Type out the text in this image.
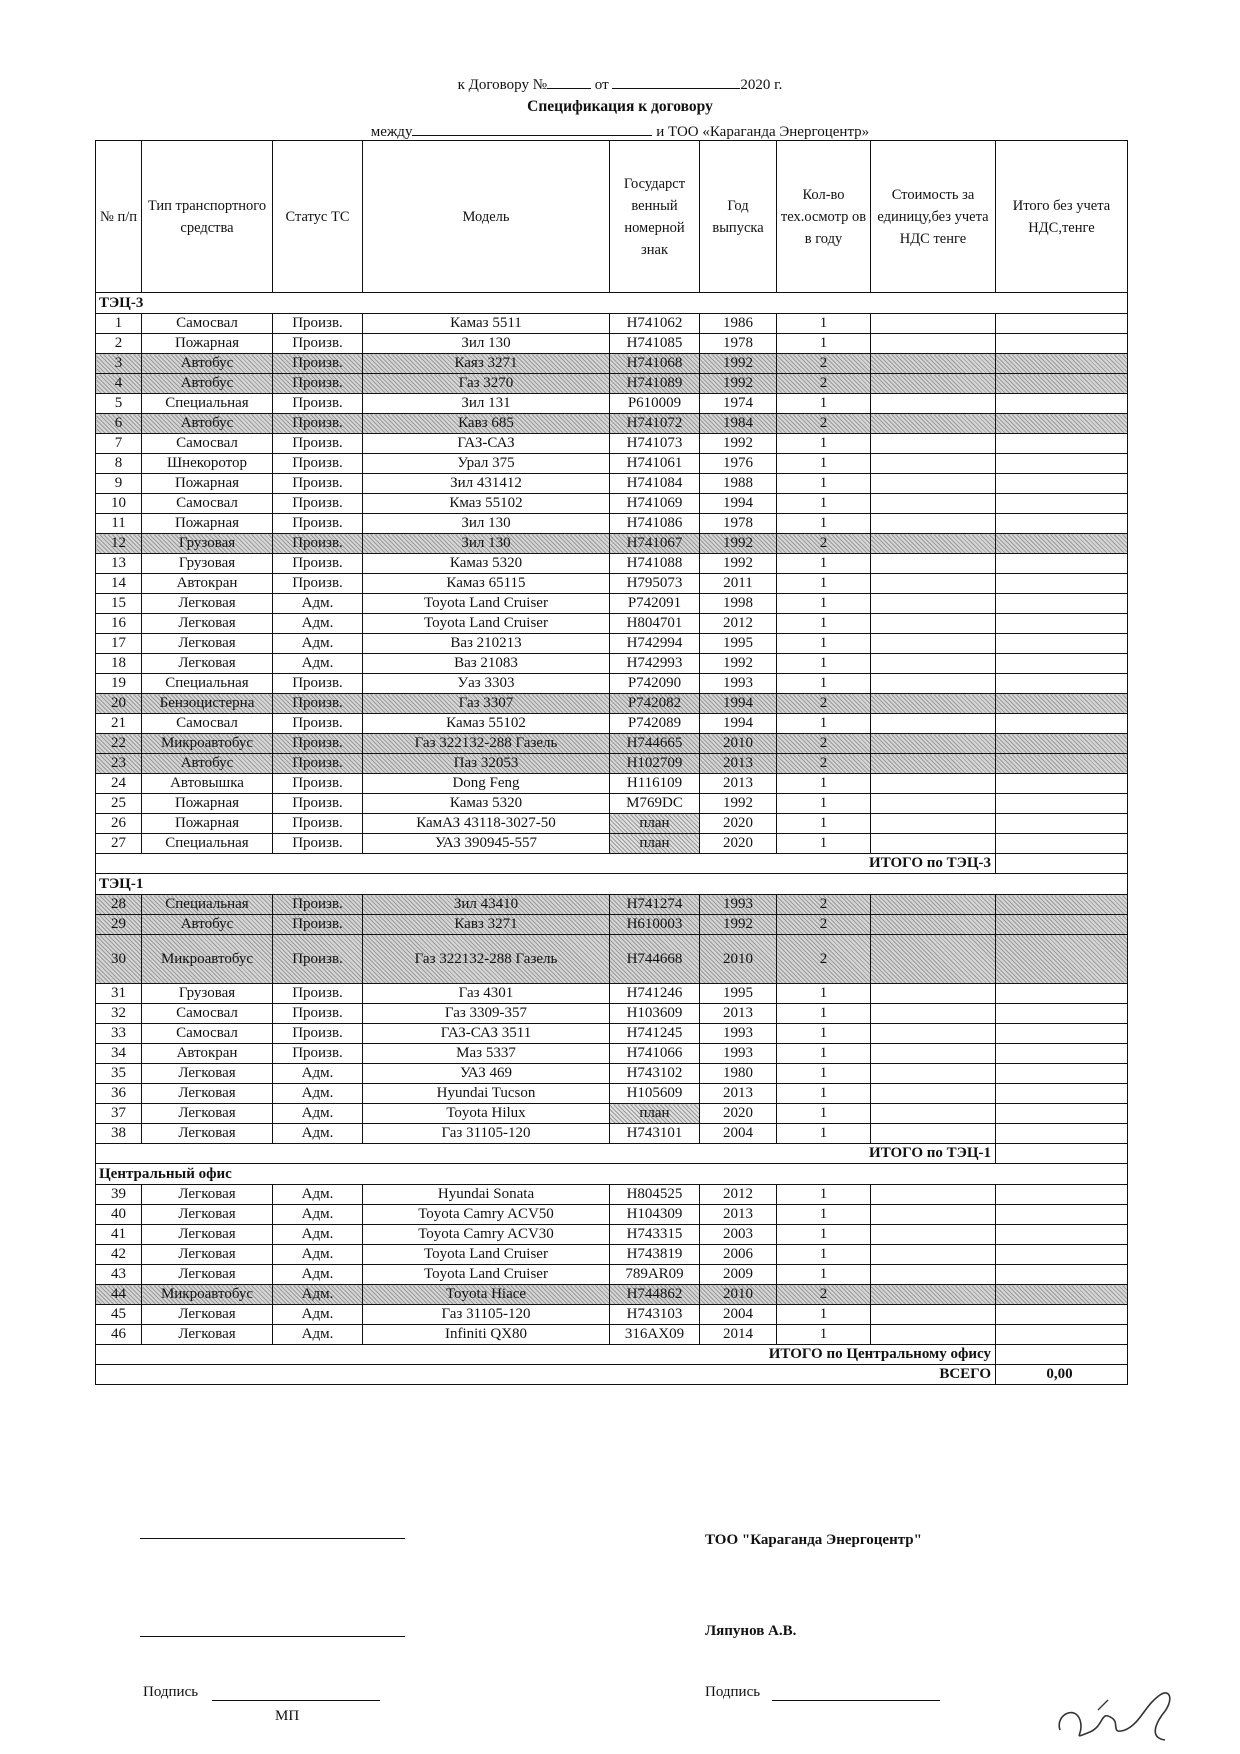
к Договору №	от	2020 г.
Спецификация к договору
между	и ТОО «Караганда Энергоцентр»
№ п/п	Тип транспортного средства	Статус ТС	Модель	Государст венный номерной знак	Год выпуска	Кол-во тех.осмотр ов в году	Стоимость за единицу,без учета НДС тенге	Итого без учета НДС,тенге
ТЭЦ-3								
1	Самосвал	Произв.	Камаз 5511	Н741062	1986	1		
2	Пожарная	Произв.	Зил 130	Н741085	1978	1		
3	Автобус	Произв.	Каяз 3271	Н741068	1992	2		
4	Автобус	Произв.	Газ 3270	Н741089	1992	2		
5	Специальная	Произв.	Зил 131	Р610009	1974	1		
6	Автобус	Произв.	Кавз 685	Н741072	1984	2		
7	Самосвал	Произв.	ГАЗ-САЗ	Н741073	1992	1		
8	Шнекоротор	Произв.	Урал 375	Н741061	1976	1		
9	Пожарная	Произв.	Зил 431412	Н741084	1988	1		
10	Самосвал	Произв.	Кмаз 55102	Н741069	1994	1		
11	Пожарная	Произв.	Зил 130	Н741086	1978	1		
12	Грузовая	Произв.	Зил 130	Н741067	1992	2		
13	Грузовая	Произв.	Камаз 5320	Н741088	1992	1		
14	Автокран	Произв.	Камаз 65115	Н795073	2011	1		
15	Легковая	Адм.	Toyota Land Cruiser	Р742091	1998	1		
16	Легковая	Адм.	Toyota Land Cruiser	Н804701	2012	1		
17	Легковая	Адм.	Ваз 210213	Н742994	1995	1		
18	Легковая	Адм.	Ваз 21083	Н742993	1992	1		
19	Специальная	Произв.	Уаз 3303	Р742090	1993	1		
20	Бензоцистерна	Произв.	Газ 3307	Р742082	1994	2		
21	Самосвал	Произв.	Камаз 55102	Р742089	1994	1		
22	Микроавтобус	Произв.	Газ 322132-288 Газель	Н744665	2010	2		
23	Автобус	Произв.	Паз 32053	Н102709	2013	2		
24	Автовышка	Произв.	Dong Feng	Н116109	2013	1		
25	Пожарная	Произв.	Камаз 5320	М769DC	1992	1		
26	Пожарная	Произв.	КамАЗ 43118-3027-50	план	2020	1		
27	Специальная	Произв.	УАЗ 390945-557	план	2020	1		
ИТОГО по ТЭЦ-3								
ТЭЦ-1								
28	Специальная	Произв.	Зил 43410	Н741274	1993	2		
29	Автобус	Произв.	Кавз 3271	Н610003	1992	2		
30	Микроавтобус	Произв.	Газ 322132-288 Газель	Н744668	2010	2		
31	Грузовая	Произв.	Газ 4301	Н741246	1995	1		
32	Самосвал	Произв.	Газ 3309-357	Н103609	2013	1		
33	Самосвал	Произв.	ГАЗ-САЗ 3511	Н741245	1993	1		
34	Автокран	Произв.	Маз 5337	Н741066	1993	1		
35	Легковая	Адм.	УАЗ 469	Н743102	1980	1		
36	Легковая	Адм.	Hyundai Tucson	Н105609	2013	1		
37	Легковая	Адм.	Toyota Hilux	план	2020	1		
38	Легковая	Адм.	Газ 31105-120	Н743101	2004	1		
ИТОГО по ТЭЦ-1								
Центральный офис								
39	Легковая	Адм.	Hyundai Sonata	Н804525	2012	1		
40	Легковая	Адм.	Toyota Camry ACV50	Н104309	2013	1		
41	Легковая	Адм.	Toyota Camry ACV30	Н743315	2003	1		
42	Легковая	Адм.	Toyota Land Cruiser	Н743819	2006	1		
43	Легковая	Адм.	Toyota Land Cruiser	789AR09	2009	1		
44	Микроавтобус	Адм.	Toyota Hiace	Н744862	2010	2		
45	Легковая	Адм.	Газ 31105-120	Н743103	2004	1		
46	Легковая	Адм.	Infiniti QX80	316AX09	2014	1		
ИТОГО по Центральному офису								
ВСЕГО								0,00
ТОО "Караганда Энергоцентр"
Ляпунов А.В.
Подпись
МП
Подпись
